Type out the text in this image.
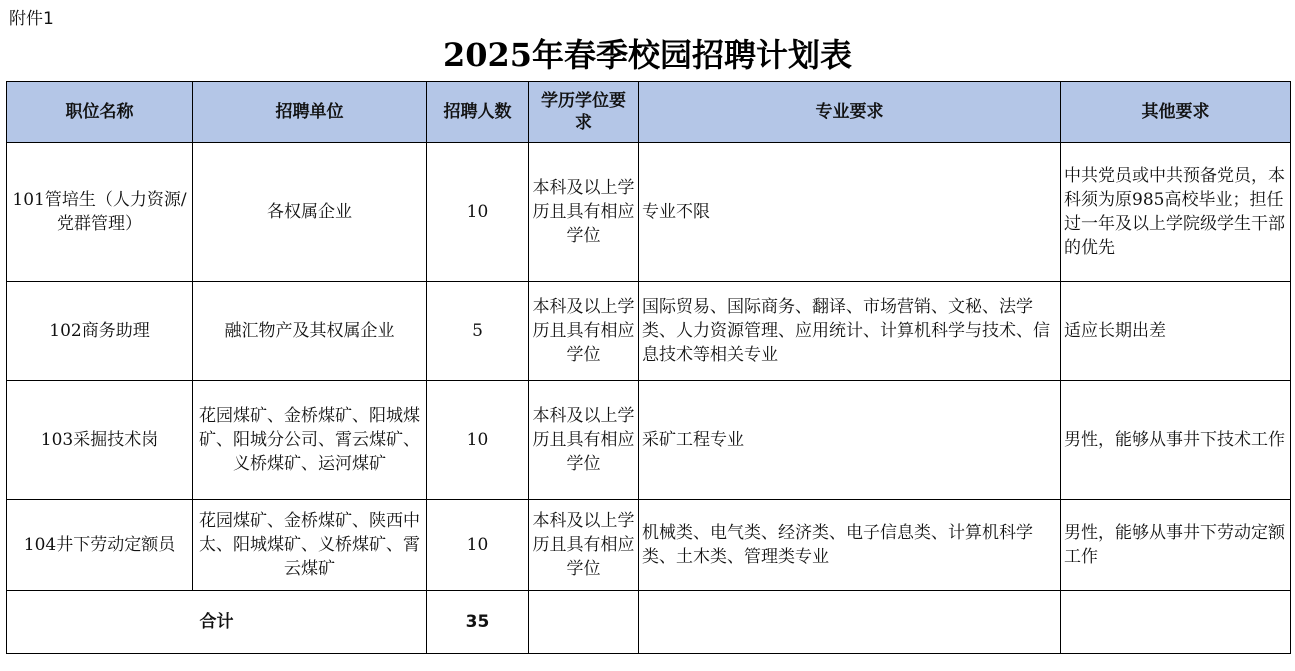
附件1
2025年春季校园招聘计划表
职位名称	招聘单位	招聘人数	学历学位要求	专业要求	其他要求

101管培生（人力资源/党群管理）	各权属企业	10	本科及以上学历且具有相应学位	专业不限	中共党员或中共预备党员，本科须为原985高校毕业；担任过一年及以上学院级学生干部的优先

102商务助理	融汇物产及其权属企业	5	本科及以上学历且具有相应学位	国际贸易、国际商务、翻译、市场营销、文秘、法学类、人力资源管理、应用统计、计算机科学与技术、信息技术等相关专业	适应长期出差

103采掘技术岗	花园煤矿、金桥煤矿、阳城煤矿、阳城分公司、霄云煤矿、义桥煤矿、运河煤矿	10	本科及以上学历且具有相应学位	采矿工程专业	男性，能够从事井下技术工作

104井下劳动定额员	花园煤矿、金桥煤矿、陕西中太、阳城煤矿、义桥煤矿、霄云煤矿	10	本科及以上学历且具有相应学位	机械类、电气类、经济类、电子信息类、计算机科学类、土木类、管理类专业	男性，能够从事井下劳动定额工作

合计		35			
